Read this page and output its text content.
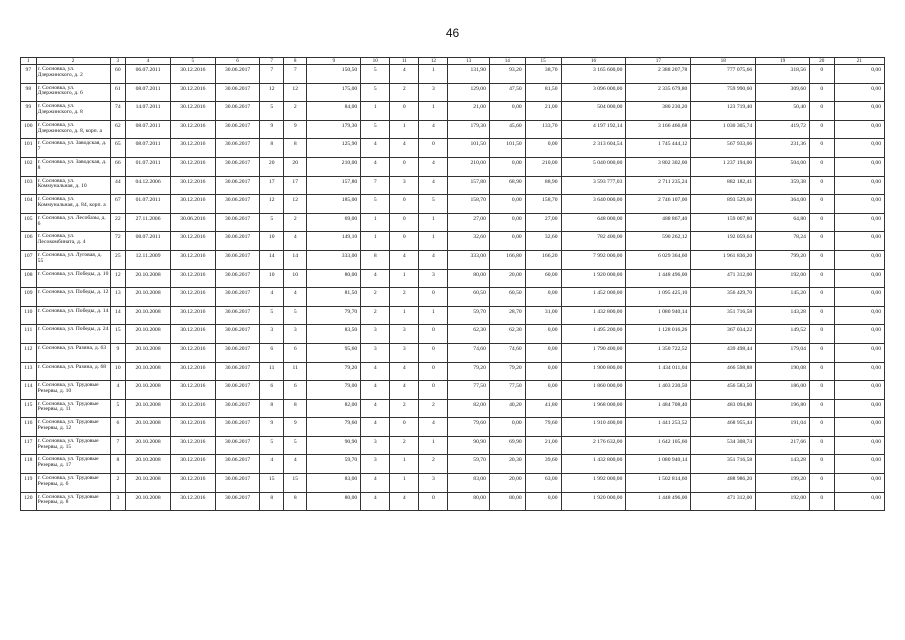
46
1	2	3	4	5	6	7	8	9	10	11	12	13	14	15	16	17	18	19	20	21
97	г. Сосновка, ул. Дзержинского, д. 2	60	06.07.2011	30.12.2016	30.06.2017	7	7	150,50	5	4	1	131,90	93,20	38,70	3 165 600,00	2 388 207,78	777 075,66	318,56	0	0,00
98	г. Сосновка, ул. Дзержинского, д. 6	61	08.07.2011	30.12.2016	30.06.2017	12	12	175,00	5	2	3	129,00	47,50	81,50	3 096 000,00	2 335 679,80	759 990,60	309,60	0	0,00
99	г. Сосновка, ул. Дзержинского, д. 8	74	14.07.2011	30.12.2016	30.06.2017	5	2	84,00	1	0	1	21,00	0,00	21,00	504 000,00	380 230,20	123 719,40	50,40	0	0,00
100	г. Сосновка, ул. Дзержинского, д. 8, корп. а	62	08.07.2011	30.12.2016	30.06.2017	9	9	179,30	5	1	4	179,30	45,60	133,70	4 197 192,14	3 166 466,68	1 030 305,74	419,72	0	0,00
101	г. Сосновка, ул. Заводская, д. 7	65	08.07.2011	30.12.2016	30.06.2017	8	8	125,90	4	4	0	101,50	101,50	0,00	2 313 604,54	1 745 444,12	567 933,06	231,36	0	0,00
102	г. Сосновка, ул. Заводская, д. 8	66	01.07.2011	30.12.2016	30.06.2017	20	20	210,00	4	0	4	210,00	0,00	210,00	5 040 000,00	3 802 302,00	1 237 194,00	504,00	0	0,00
103	г. Сосновка, ул. Коммунальная, д. 10	44	04.12.2006	30.12.2016	30.06.2017	17	17	157,80	7	3	4	157,80	68,90	88,90	3 593 777,03	2 711 235,24	882 182,41	359,38	0	0,00
104	г. Сосновка, ул. Коммунальная, д. 84, корп. а	67	01.07.2011	30.12.2016	30.06.2017	12	12	185,00	5	0	5	158,70	0,00	158,70	3 640 000,00	2 746 107,00	893 529,00	364,00	0	0,00
105	г. Сосновка, ул. Лесобазы, д. 6	22	27.11.2006	30.06.2016	30.06.2017	5	2	69,00	1	0	1	27,00	0,00	27,00	648 000,00	488 867,40	159 067,80	64,80	0	0,00
106	г. Сосновка, ул. Лесокомбината, д. 4	72	08.07.2011	30.12.2016	30.06.2017	10	4	149,10	1	0	1	32,60	0,00	32,60	782 400,00	590 262,12	192 059,64	78,24	0	0,00
107	г. Сосновка, ул. Луговая, д. 55	25	12.11.2009	30.12.2016	30.06.2017	14	14	333,00	8	4	4	333,00	166,80	166,20	7 992 000,00	6 029 364,60	1 961 836,20	799,20	0	0,00
108	г. Сосновка, ул. Победы, д. 10	12	20.10.2008	30.12.2016	30.06.2017	10	10	80,00	4	1	3	80,00	20,00	60,00	1 920 000,00	1 448 496,00	471 312,00	192,00	0	0,00
109	г. Сосновка, ул. Победы, д. 12	13	20.10.2008	30.12.2016	30.06.2017	4	4	81,50	2	2	0	60,50	60,50	0,00	1 452 000,00	1 095 425,10	356 429,70	145,20	0	0,00
110	г. Сосновка, ул. Победы, д. 14	14	20.10.2008	30.12.2016	30.06.2017	5	5	79,70	2	1	1	59,70	28,70	31,00	1 432 800,00	1 080 940,14	351 716,58	143,28	0	0,00
111	г. Сосновка, ул. Победы, д. 24	15	20.10.2008	30.12.2016	30.06.2017	3	3	83,50	3	3	0	62,30	62,30	0,00	1 495 200,00	1 128 016,26	367 034,22	149,52	0	0,00
112	г. Сосновка, ул. Разина, д. 63	9	20.10.2008	30.12.2016	30.06.2017	6	6	95,60	3	3	0	74,60	74,60	0,00	1 790 400,00	1 350 722,52	439 498,44	179,04	0	0,00
113	г. Сосновка, ул. Разина, д. 68	10	20.10.2008	30.12.2016	30.06.2017	11	11	79,20	4	4	0	79,20	79,20	0,00	1 900 800,00	1 434 011,04	466 598,88	190,08	0	0,00
114	г. Сосновка, ул. Трудовые Резервы, д. 10	4	20.10.2008	30.12.2016	30.06.2017	6	6	79,00	4	4	0	77,50	77,50	0,00	1 860 000,00	1 403 230,50	456 583,50	186,00	0	0,00
115	г. Сосновка, ул. Трудовые Резервы, д. 11	5	20.10.2008	30.12.2016	30.06.2017	8	8	82,00	4	2	2	82,00	40,20	41,80	1 968 000,00	1 484 708,40	483 094,80	196,80	0	0,00
116	г. Сосновка, ул. Трудовые Резервы, д. 12	6	20.10.2008	30.12.2016	30.06.2017	9	9	79,60	4	0	4	79,60	0,00	79,60	1 910 400,00	1 441 253,52	468 955,44	191,04	0	0,00
117	г. Сосновка, ул. Трудовые Резервы, д. 15	7	20.10.2008	30.12.2016	30.06.2017	5	5	90,90	3	2	1	90,90	69,90	21,00	2 176 632,00	1 642 105,60	534 308,74	217,66	0	0,00
118	г. Сосновка, ул. Трудовые Резервы, д. 17	8	20.10.2008	30.12.2016	30.06.2017	4	4	59,70	3	1	2	59,70	20,30	39,60	1 432 800,00	1 080 940,14	351 716,58	143,28	0	0,00
119	г. Сосновка, ул. Трудовые Резервы, д. 6	2	20.10.2008	30.12.2016	30.06.2017	15	15	83,00	4	1	3	83,00	20,00	63,00	1 992 000,00	1 502 814,60	488 986,20	199,20	0	0,00
120	г. Сосновка, ул. Трудовые Резервы, д. 8	3	20.10.2008	30.12.2016	30.06.2017	8	8	80,00	4	4	0	80,00	80,00	0,00	1 920 000,00	1 448 496,00	471 312,00	192,00	0	0,00
